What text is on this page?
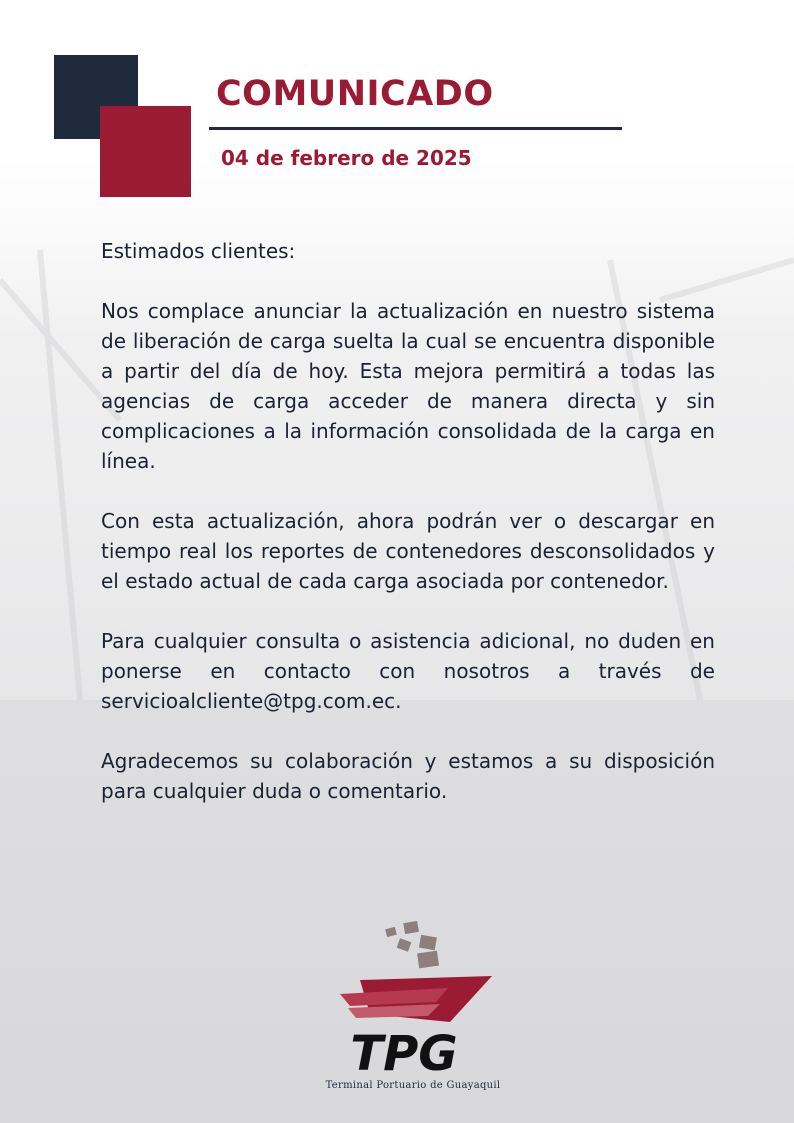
COMUNICADO

04 de febrero de 2025

Estimados clientes:

Nos complace anunciar la actualización en nuestro sistema de liberación de carga suelta la cual se encuentra disponible a partir del día de hoy. Esta mejora permitirá a todas las agencias de carga acceder de manera directa y sin complicaciones a la información consolidada de la carga en línea.

Con esta actualización, ahora podrán ver o descargar en tiempo real los reportes de contenedores desconsolidados y el estado actual de cada carga asociada por contenedor.

Para cualquier consulta o asistencia adicional, no duden en ponerse en contacto con nosotros a través de servicioalcliente@tpg.com.ec.

Agradecemos su colaboración y estamos a su disposición para cualquier duda o comentario.

TPG
Terminal Portuario de Guayaquil
